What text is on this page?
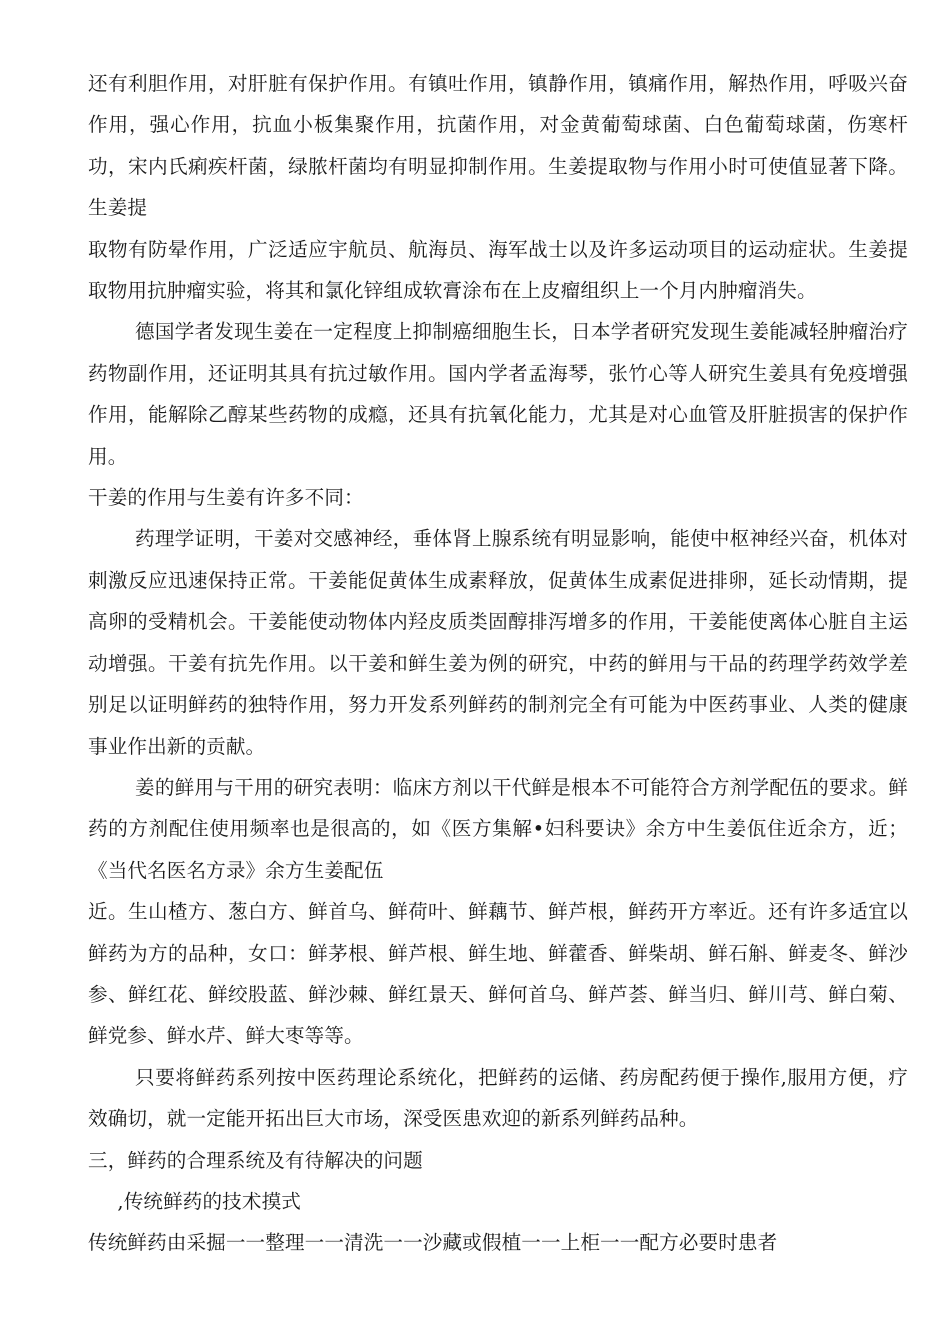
还有利胆作用，对肝脏有保护作用。有镇吐作用，镇静作用，镇痛作用，解热作用，呼吸兴奋作用，强心作用，抗血小板集聚作用，抗菌作用，对金黄葡萄球菌、白色葡萄球菌，伤寒杆功，宋内氏痢疾杆菌，绿脓杆菌均有明显抑制作用。生姜提取物与作用小时可使值显著下降。生姜提

取物有防晕作用，广泛适应宇航员、航海员、海军战士以及许多运动项目的运动症状。生姜提取物用抗肿瘤实验，将其和氯化锌组成软膏涂布在上皮瘤组织上一个月内肿瘤消失。

德国学者发现生姜在一定程度上抑制癌细胞生长，日本学者研究发现生姜能减轻肿瘤治疗药物副作用，还证明其具有抗过敏作用。国内学者孟海琴，张竹心等人研究生姜具有免疫增强作用，能解除乙醇某些药物的成瘾，还具有抗氧化能力，尤其是对心血管及肝脏损害的保护作用。

干姜的作用与生姜有许多不同：

药理学证明，干姜对交感神经，垂体肾上腺系统有明显影响，能使中枢神经兴奋，机体对刺激反应迅速保持正常。干姜能促黄体生成素释放，促黄体生成素促进排卵，延长动情期，提高卵的受精机会。干姜能使动物体内羟皮质类固醇排泻增多的作用，干姜能使离体心脏自主运动增强。干姜有抗先作用。以干姜和鲜生姜为例的研究，中药的鲜用与干品的药理学药效学差别足以证明鲜药的独特作用，努力开发系列鲜药的制剂完全有可能为中医药事业、人类的健康事业作出新的贡献。

姜的鲜用与干用的研究表明：临床方剂以干代鲜是根本不可能符合方剂学配伍的要求。鲜药的方剂配住使用频率也是很高的，如《医方集解•妇科要诀》余方中生姜佤住近余方，近；《当代名医名方录》余方生姜配伍

近。生山楂方、葱白方、鲜首乌、鲜荷叶、鲜藕节、鲜芦根，鲜药开方率近。还有许多适宜以鲜药为方的品种，女口：鲜茅根、鲜芦根、鲜生地、鲜藿香、鲜柴胡、鲜石斛、鲜麦冬、鲜沙参、鲜红花、鲜绞股蓝、鲜沙棘、鲜红景天、鲜何首乌、鲜芦荟、鲜当归、鲜川芎、鲜白菊、鲜党参、鲜水芹、鲜大枣等等。

只要将鲜药系列按中医药理论系统化，把鲜药的运储、药房配药便于操作,服用方便，疗效确切，就一定能开拓出巨大市场，深受医患欢迎的新系列鲜药品种。

三，鲜药的合理系统及有待解决的问题

,传统鲜药的技术摸式

传统鲜药由采掘一一整理一一清洗一一沙藏或假植一一上柜一一配方必要时患者
